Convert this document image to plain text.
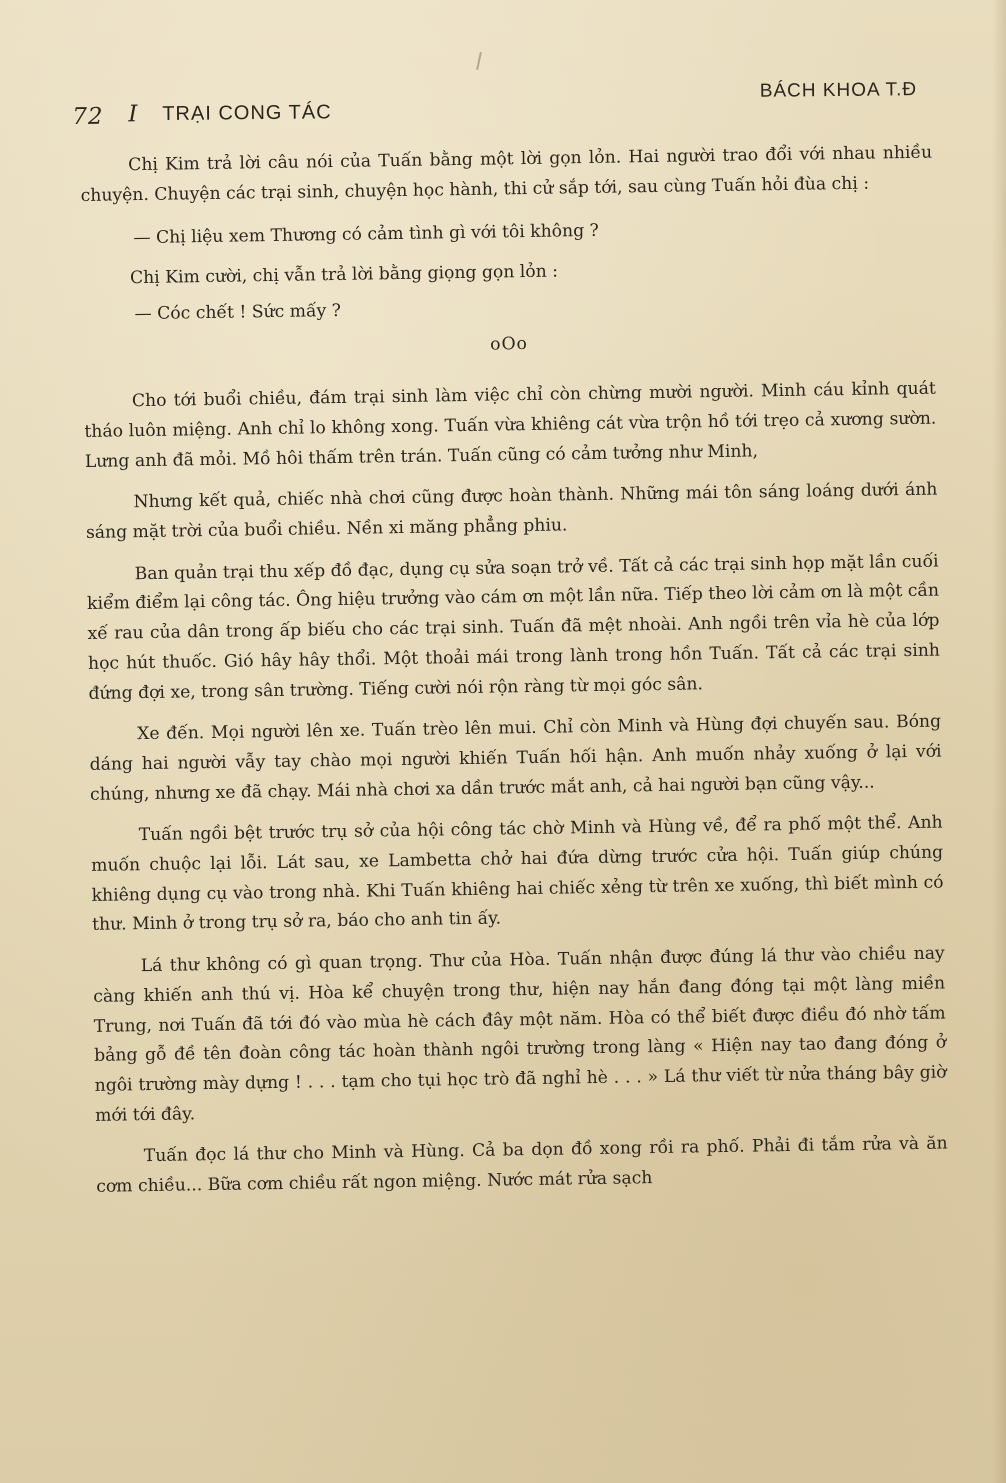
72 I TRẠI CONG TÁC
BÁCH KHOA T.Đ

Chị Kim trả lời câu nói của Tuấn bằng một lời gọn lỏn. Hai người trao đổi với nhau nhiều chuyện. Chuyện các trại sinh, chuyện học hành, thi cử sắp tới, sau cùng Tuấn hỏi đùa chị :

— Chị liệu xem Thương có cảm tình gì với tôi không ?

Chị Kim cười, chị vẫn trả lời bằng giọng gọn lỏn :

— Cóc chết ! Sức mấy ?

oOo

Cho tới buổi chiều, đám trại sinh làm việc chỉ còn chừng mười người. Minh cáu kỉnh quát tháo luôn miệng. Anh chỉ lo không xong. Tuấn vừa khiêng cát vừa trộn hồ tới trẹo cả xương sườn. Lưng anh đã mỏi. Mồ hôi thấm trên trán. Tuấn cũng có cảm tưởng như Minh,

Nhưng kết quả, chiếc nhà chơi cũng được hoàn thành. Những mái tôn sáng loáng dưới ánh sáng mặt trời của buổi chiều. Nền xi măng phẳng phiu.

Ban quản trại thu xếp đồ đạc, dụng cụ sửa soạn trở về. Tất cả các trại sinh họp mặt lần cuối kiểm điểm lại công tác. Ông hiệu trưởng vào cám ơn một lần nữa. Tiếp theo lời cảm ơn là một cần xế rau của dân trong ấp biếu cho các trại sinh. Tuấn đã mệt nhoài. Anh ngồi trên vỉa hè của lớp học hút thuốc. Gió hây hây thổi. Một thoải mái trong lành trong hồn Tuấn. Tất cả các trại sinh đứng đợi xe, trong sân trường. Tiếng cười nói rộn ràng từ mọi góc sân.

Xe đến. Mọi người lên xe. Tuấn trèo lên mui. Chỉ còn Minh và Hùng đợi chuyến sau. Bóng dáng hai người vẫy tay chào mọi người khiến Tuấn hối hận. Anh muốn nhảy xuống ở lại với chúng, nhưng xe đã chạy. Mái nhà chơi xa dần trước mắt anh, cả hai người bạn cũng vậy...

Tuấn ngồi bệt trước trụ sở của hội công tác chờ Minh và Hùng về, để ra phố một thể. Anh muốn chuộc lại lỗi. Lát sau, xe Lambetta chở hai đứa dừng trước cửa hội. Tuấn giúp chúng khiêng dụng cụ vào trong nhà. Khi Tuấn khiêng hai chiếc xẻng từ trên xe xuống, thì biết mình có thư. Minh ở trong trụ sở ra, báo cho anh tin ấy.

Lá thư không có gì quan trọng. Thư của Hòa. Tuấn nhận được đúng lá thư vào chiều nay càng khiến anh thú vị. Hòa kể chuyện trong thư, hiện nay hắn đang đóng tại một làng miền Trung, nơi Tuấn đã tới đó vào mùa hè cách đây một năm. Hòa có thể biết được điều đó nhờ tấm bảng gỗ đề tên đoàn công tác hoàn thành ngôi trường trong làng « Hiện nay tao đang đóng ở ngôi trường mày dựng ! . . . tạm cho tụi học trò đã nghỉ hè . . . » Lá thư viết từ nửa tháng bây giờ mới tới đây.

Tuấn đọc lá thư cho Minh và Hùng. Cả ba dọn đồ xong rồi ra phố. Phải đi tắm rửa và ăn cơm chiều... Bữa cơm chiều rất ngon miệng. Nước mát rửa sạch
